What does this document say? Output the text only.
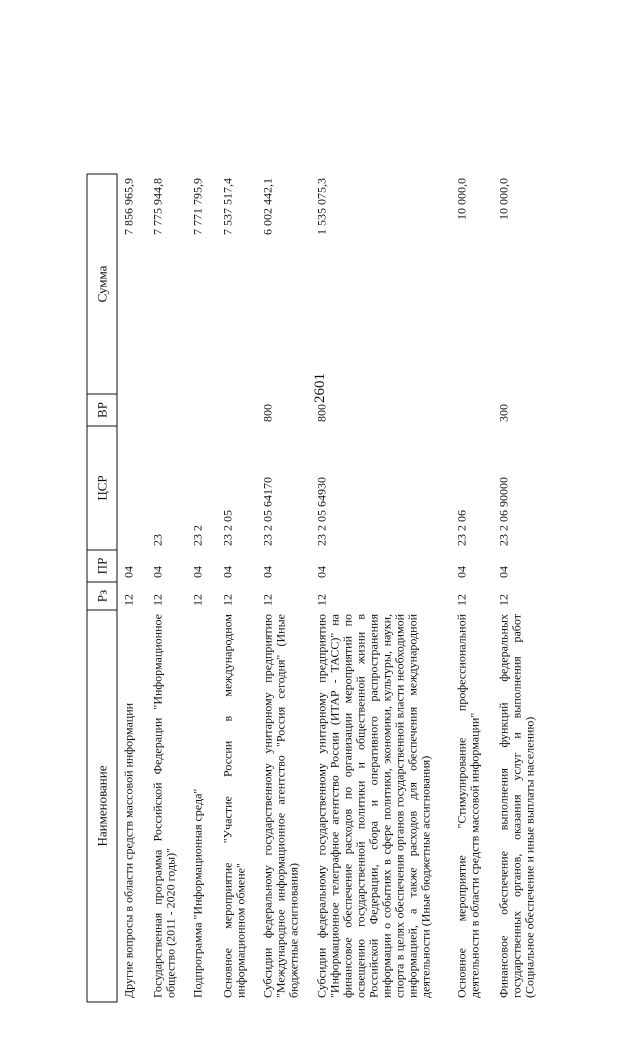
2601
Наименование	Рз	ПР	ЦСР	ВР	Сумма
Другие вопросы в области средств массовой информации	12	04			7 856 965,9
Государственная программа Российской Федерации "Информационное общество (2011 - 2020 годы)"	12	04	23		7 775 944,8
Подпрограмма "Информационная среда"	12	04	23 2		7 771 795,9
Основное мероприятие "Участие России в международном информационном обмене"	12	04	23 2 05		7 537 517,4
Субсидии федеральному государственному унитарному предприятию "Международное информационное агентство "Россия сегодня" (Иные бюджетные ассигнования)	12	04	23 2 05 64170	800	6 002 442,1
Субсидии федеральному государственному унитарному предприятию "Информационное телеграфное агентство России (ИТАР - ТАСС)" на финансовое обеспечение расходов по организации мероприятий по освещению государственной политики и общественной жизни в Российской Федерации, сбора и оперативного распространения информации о событиях в сфере политики, экономики, культуры, науки, спорта в целях обеспечения органов государственной власти необходимой информацией, а также расходов для обеспечения международной деятельности (Иные бюджетные ассигнования)	12	04	23 2 05 64930	800	1 535 075,3
Основное мероприятие "Стимулирование профессиональной деятельности в области средств массовой информации"	12	04	23 2 06		10 000,0
Финансовое обеспечение выполнения функций федеральных государственных органов, оказания услуг и выполнения работ (Социальное обеспечение и иные выплаты населению)	12	04	23 2 06 90000	300	10 000,0
